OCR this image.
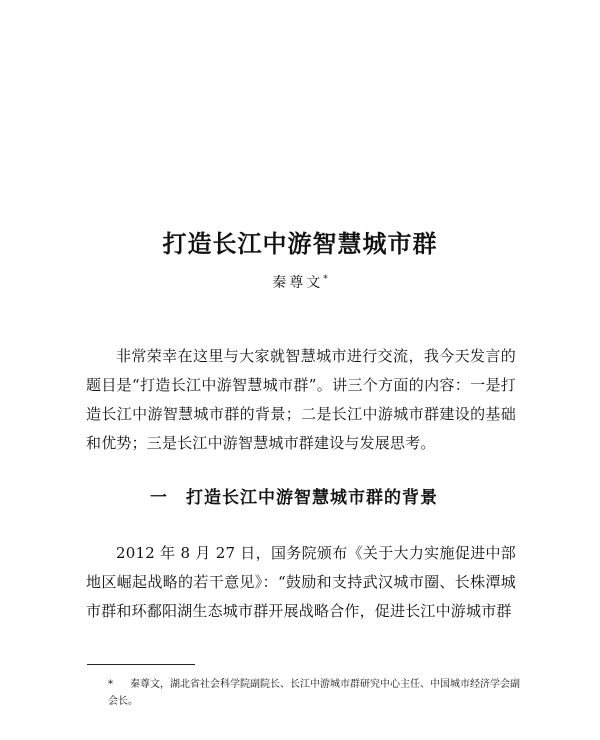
打造长江中游智慧城市群
秦尊文*

非常荣幸在这里与大家就智慧城市进行交流，我今天发言的题目是“打造长江中游智慧城市群”。讲三个方面的内容：一是打造长江中游智慧城市群的背景；二是长江中游城市群建设的基础和优势；三是长江中游智慧城市群建设与发展思考。

一 打造长江中游智慧城市群的背景

2012 年 8 月 27 日，国务院颁布《关于大力实施促进中部地区崛起战略的若干意见》：“鼓励和支持武汉城市圈、长株潭城市群和环鄱阳湖生态城市群开展战略合作，促进长江中游城市群

* 秦尊文，湖北省社会科学院副院长、长江中游城市群研究中心主任、中国城市经济学会副会长。
